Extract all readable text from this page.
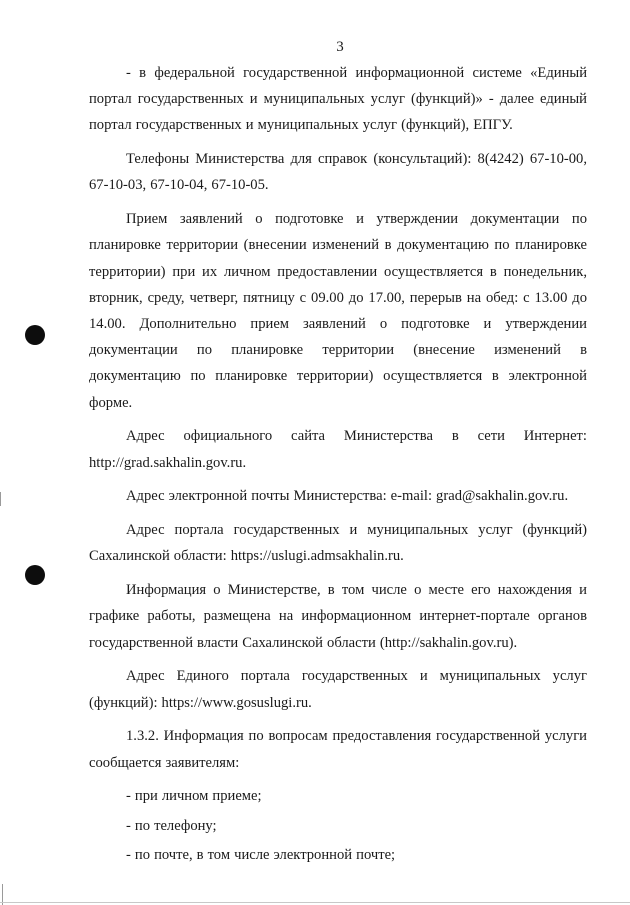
3

- в федеральной государственной информационной системе «Единый портал государственных и муниципальных услуг (функций)» - далее единый портал государственных и муниципальных услуг (функций), ЕПГУ.

Телефоны Министерства для справок (консультаций): 8(4242) 67-10-00, 67-10-03, 67-10-04, 67-10-05.

Прием заявлений о подготовке и утверждении документации по планировке территории (внесении изменений в документацию по планировке территории) при их личном предоставлении осуществляется в понедельник, вторник, среду, четверг, пятницу с 09.00 до 17.00, перерыв на обед: с 13.00 до 14.00. Дополнительно прием заявлений о подготовке и утверждении документации по планировке территории (внесение изменений в документацию по планировке территории) осуществляется в электронной форме.

Адрес официального сайта Министерства в сети Интернет: http://grad.sakhalin.gov.ru.

Адрес электронной почты Министерства: e-mail: grad@sakhalin.gov.ru.

Адрес портала государственных и муниципальных услуг (функций) Сахалинской области: https://uslugi.admsakhalin.ru.

Информация о Министерстве, в том числе о месте его нахождения и графике работы, размещена на информационном интернет-портале органов государственной власти Сахалинской области (http://sakhalin.gov.ru).

Адрес Единого портала государственных и муниципальных услуг (функций): https://www.gosuslugi.ru.

1.3.2. Информация по вопросам предоставления государственной услуги сообщается заявителям:

- при личном приеме;

- по телефону;

- по почте, в том числе электронной почте;
